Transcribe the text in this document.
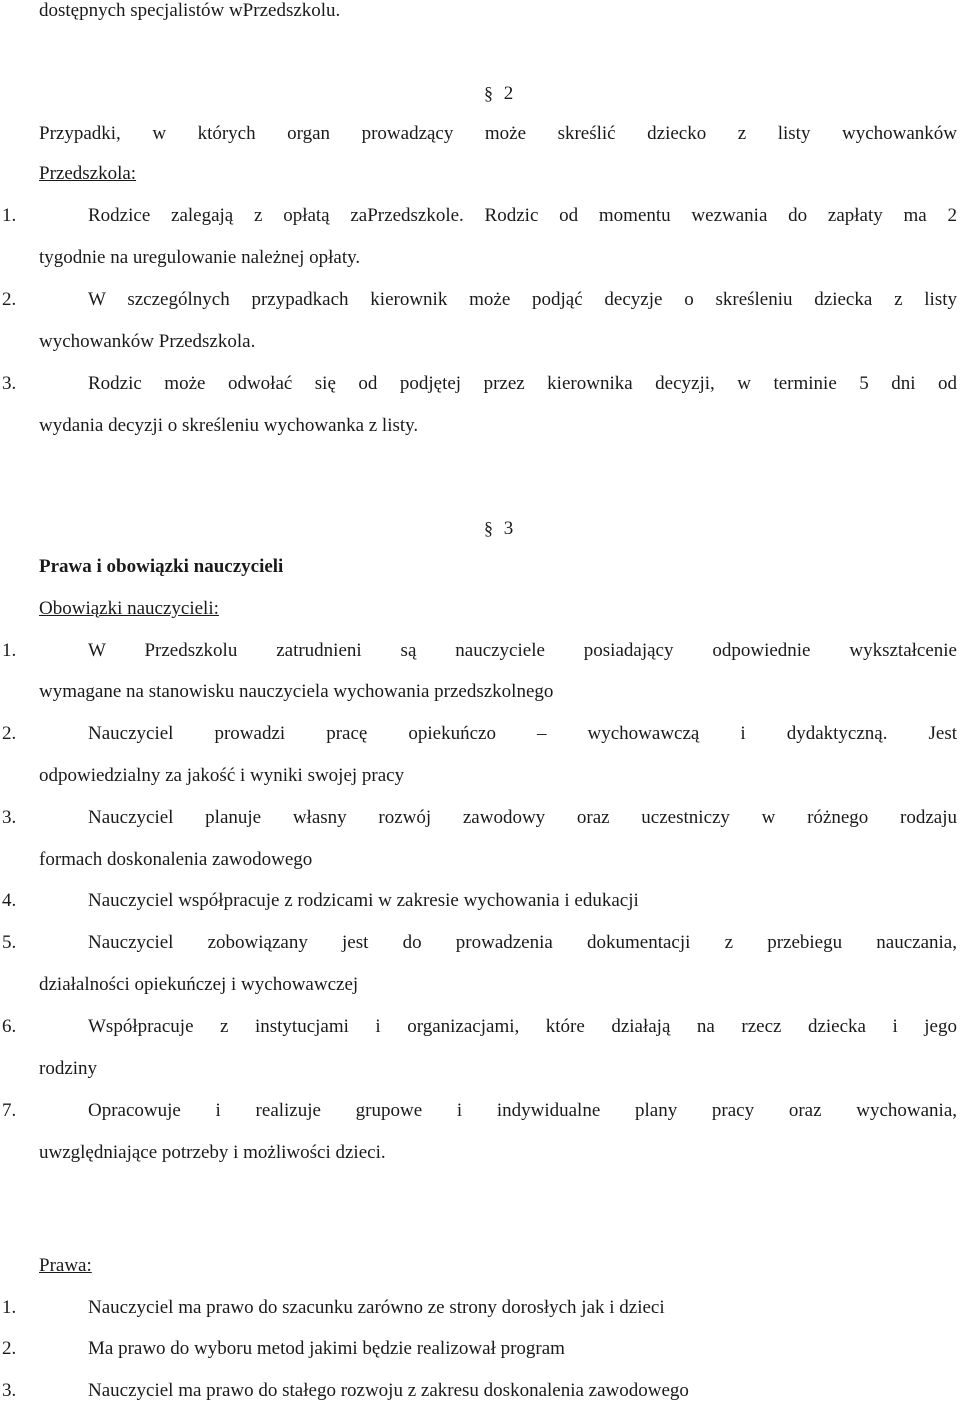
dostępnych specjalistów wPrzedszkolu.
§ 2
Przypadki, w których organ prowadzący może skreślić dziecko z listy wychowanków
Przedszkola:
1.	Rodzice zalegają z opłatą zaPrzedszkole. Rodzic od momentu wezwania do zapłaty ma 2
tygodnie na uregulowanie należnej opłaty.
2.	W szczególnych przypadkach kierownik może podjąć decyzje o skreśleniu dziecka z listy
wychowanków Przedszkola.
3.	Rodzic może odwołać się od podjętej przez kierownika decyzji, w terminie 5 dni od
wydania decyzji o skreśleniu wychowanka z listy.
§ 3
Prawa i obowiązki nauczycieli
Obowiązki nauczycieli:
1.	W Przedszkolu zatrudnieni są nauczyciele posiadający odpowiednie wykształcenie
wymagane na stanowisku nauczyciela wychowania przedszkolnego
2.	Nauczyciel prowadzi pracę opiekuńczo – wychowawczą i dydaktyczną. Jest
odpowiedzialny za jakość i wyniki swojej pracy
3.	Nauczyciel planuje własny rozwój zawodowy oraz uczestniczy w różnego rodzaju
formach doskonalenia zawodowego
4.	Nauczyciel współpracuje z rodzicami w zakresie wychowania i edukacji
5.	Nauczyciel zobowiązany jest do prowadzenia dokumentacji z przebiegu nauczania,
działalności opiekuńczej i wychowawczej
6.	Współpracuje z instytucjami i organizacjami, które działają na rzecz dziecka i jego
rodziny
7.	Opracowuje i realizuje grupowe i indywidualne plany pracy oraz wychowania,
uwzględniające potrzeby i możliwości dzieci.
Prawa:
1.	Nauczyciel ma prawo do szacunku zarówno ze strony dorosłych jak i dzieci
2.	Ma prawo do wyboru metod jakimi będzie realizował program
3.	Nauczyciel ma prawo do stałego rozwoju z zakresu doskonalenia zawodowego
